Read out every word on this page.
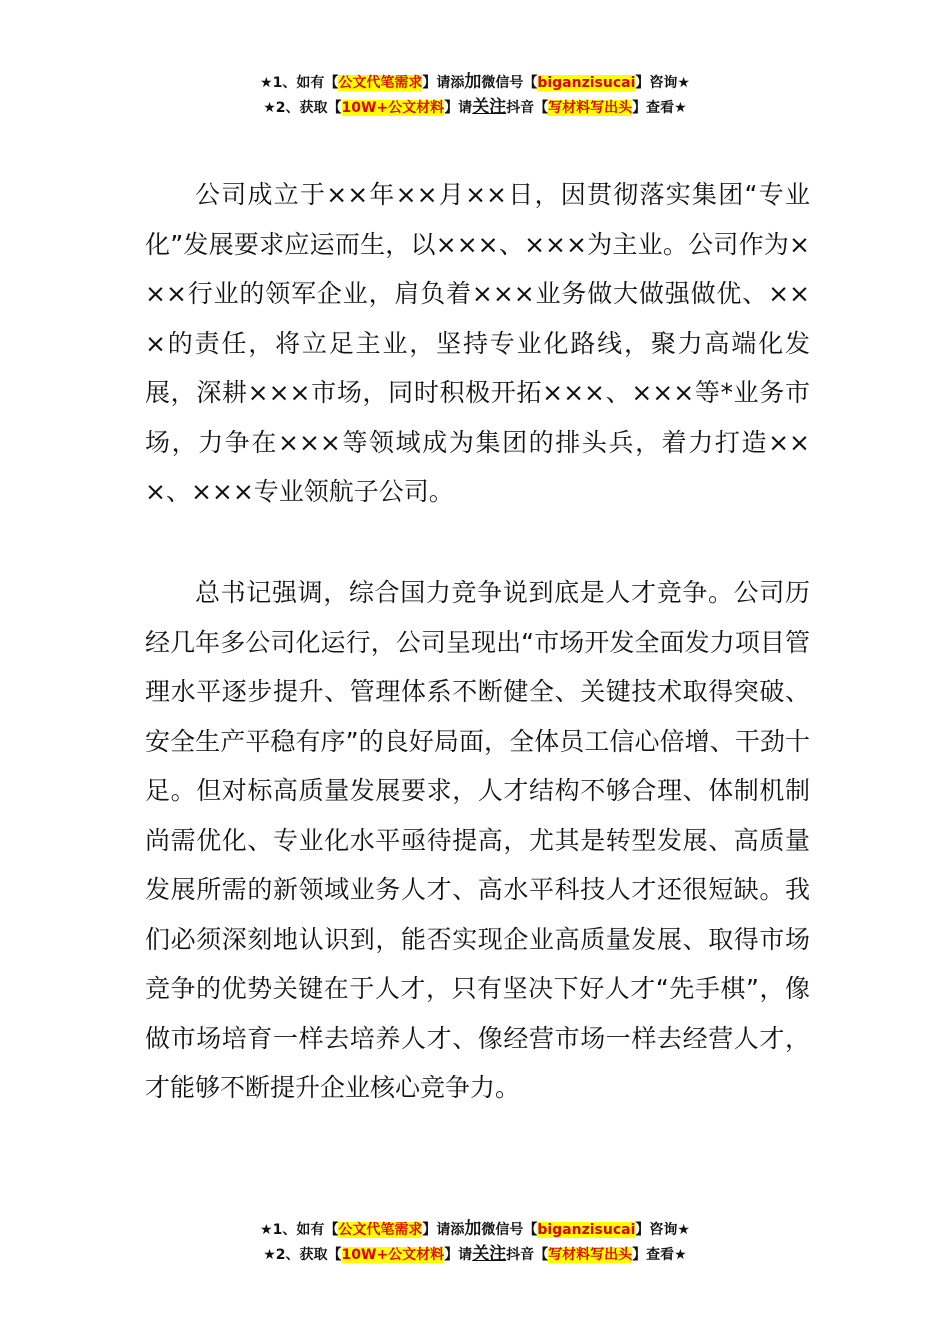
★1、如有【公文代笔需求】请添加微信号【biganzisucai】咨询★
★2、获取【10W+公文材料】请关注抖音【写材料写出头】查看★

公司成立于××年××月××日，因贯彻落实集团“专业化”发展要求应运而生，以×××、×××为主业。公司作为×××行业的领军企业，肩负着×××业务做大做强做优、×××的责任，将立足主业，坚持专业化路线，聚力高端化发展，深耕×××市场，同时积极开拓×××、×××等*业务市场，力争在×××等领域成为集团的排头兵，着力打造×××、×××专业领航子公司。

总书记强调，综合国力竞争说到底是人才竞争。公司历经几年多公司化运行，公司呈现出“市场开发全面发力项目管理水平逐步提升、管理体系不断健全、关键技术取得突破、安全生产平稳有序”的良好局面，全体员工信心倍增、干劲十足。但对标高质量发展要求，人才结构不够合理、体制机制尚需优化、专业化水平亟待提高，尤其是转型发展、高质量发展所需的新领域业务人才、高水平科技人才还很短缺。我们必须深刻地认识到，能否实现企业高质量发展、取得市场竞争的优势关键在于人才，只有坚决下好人才“先手棋”，像做市场培育一样去培养人才、像经营市场一样去经营人才，才能够不断提升企业核心竞争力。

★1、如有【公文代笔需求】请添加微信号【biganzisucai】咨询★
★2、获取【10W+公文材料】请关注抖音【写材料写出头】查看★
